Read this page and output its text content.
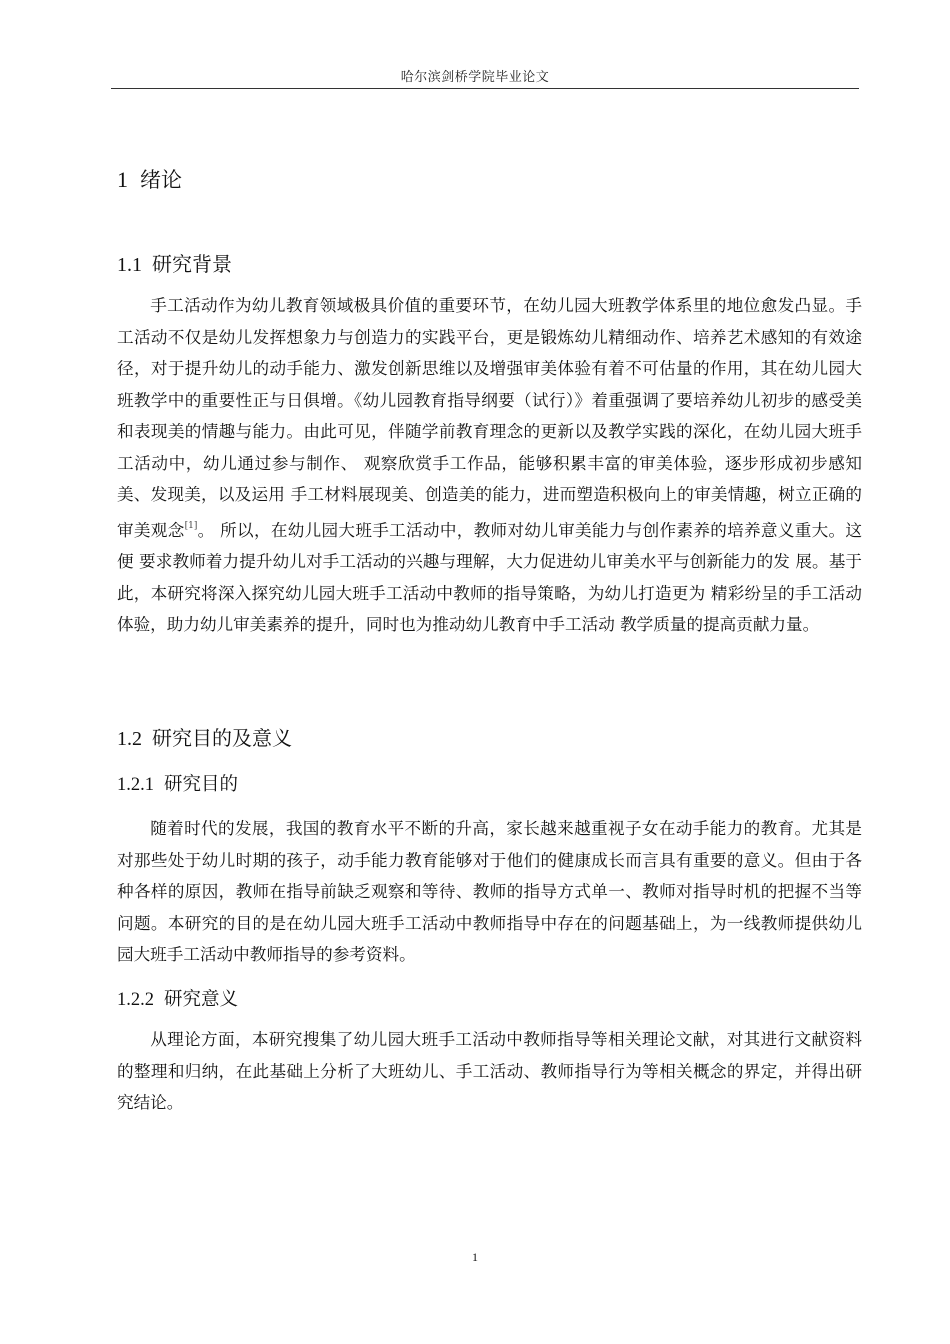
哈尔滨剑桥学院毕业论文
1 绪论
1.1 研究背景

手工活动作为幼儿教育领域极具价值的重要环节，在幼儿园大班教学体系里的地位愈发凸显。手工活动不仅是幼儿发挥想象力与创造力的实践平台，更是锻炼幼儿精细动作、培养艺术感知的有效途径，对于提升幼儿的动手能力、激发创新思维以及增强审美体验有着不可估量的作用，其在幼儿园大班教学中的重要性正与日俱增。《幼儿园教育指导纲要（试行）》着重强调了要培养幼儿初步的感受美和表现美的情趣与能力。由此可见，伴随学前教育理念的更新以及教学实践的深化，在幼儿园大班手工活动中，幼儿通过参与制作、 观察欣赏手工作品，能够积累丰富的审美体验，逐步形成初步感知美、发现美，以及运用 手工材料展现美、创造美的能力，进而塑造积极向上的审美情趣，树立正确的审美观念[1]。 所以，在幼儿园大班手工活动中，教师对幼儿审美能力与创作素养的培养意义重大。这便 要求教师着力提升幼儿对手工活动的兴趣与理解，大力促进幼儿审美水平与创新能力的发 展。基于此，本研究将深入探究幼儿园大班手工活动中教师的指导策略，为幼儿打造更为 精彩纷呈的手工活动体验，助力幼儿审美素养的提升，同时也为推动幼儿教育中手工活动 教学质量的提高贡献力量。

1.2 研究目的及意义
1.2.1 研究目的

随着时代的发展，我国的教育水平不断的升高，家长越来越重视子女在动手能力的教育。尤其是对那些处于幼儿时期的孩子，动手能力教育能够对于他们的健康成长而言具有重要的意义。但由于各种各样的原因，教师在指导前缺乏观察和等待、教师的指导方式单一、教师对指导时机的把握不当等问题。本研究的目的是在幼儿园大班手工活动中教师指导中存在的问题基础上，为一线教师提供幼儿园大班手工活动中教师指导的参考资料。

1.2.2 研究意义

从理论方面，本研究搜集了幼儿园大班手工活动中教师指导等相关理论文献，对其进行文献资料的整理和归纳，在此基础上分析了大班幼儿、手工活动、教师指导行为等相关概念的界定，并得出研究结论。

1
